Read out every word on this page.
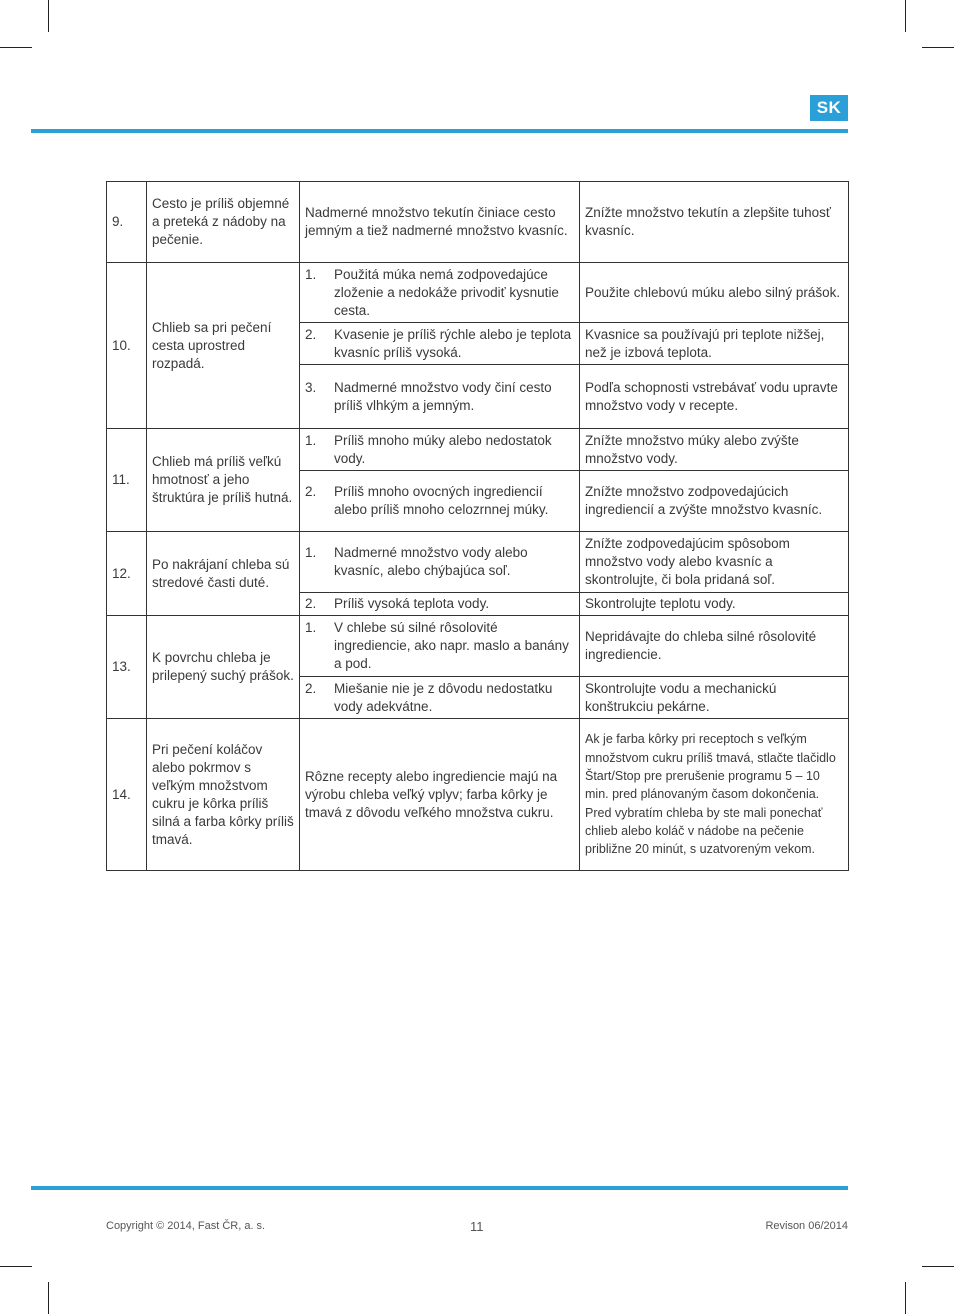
SK
9.	Cesto je príliš objemné a preteká z nádoby na pečenie.	Nadmerné množstvo tekutín činiace cesto jemným a tiež nadmerné množstvo kvasníc.	Znížte množstvo tekutín a zlepšite tuhosť kvasníc.
10.	Chlieb sa pri pečení cesta uprostred rozpadá.	1. Použitá múka nemá zodpovedajúce zloženie a nedokáže privodiť kysnutie cesta.	Použite chlebovú múku alebo silný prášok.
		2. Kvasenie je príliš rýchle alebo je teplota kvasníc príliš vysoká.	Kvasnice sa používajú pri teplote nižšej, než je izbová teplota.
		3. Nadmerné množstvo vody činí cesto príliš vlhkým a jemným.	Podľa schopnosti vstrebávať vodu upravte množstvo vody v recepte.
11.	Chlieb má príliš veľkú hmotnosť a jeho štruktúra je príliš hutná.	1. Príliš mnoho múky alebo nedostatok vody.	Znížte množstvo múky alebo zvýšte množstvo vody.
		2. Príliš mnoho ovocných ingrediencií alebo príliš mnoho celozrnnej múky.	Znížte množstvo zodpovedajúcich ingrediencií a zvýšte množstvo kvasníc.
12.	Po nakrájaní chleba sú stredové časti duté.	1. Nadmerné množstvo vody alebo kvasníc, alebo chýbajúca soľ.	Znížte zodpovedajúcim spôsobom množstvo vody alebo kvasníc a skontrolujte, či bola pridaná soľ.
		2. Príliš vysoká teplota vody.	Skontrolujte teplotu vody.
13.	K povrchu chleba je prilepený suchý prášok.	1. V chlebe sú silné rôsolovité ingrediencie, ako napr. maslo a banány a pod.	Nepridávajte do chleba silné rôsolovité ingrediencie.
		2. Miešanie nie je z dôvodu nedostatku vody adekvátne.	Skontrolujte vodu a mechanickú konštrukciu pekárne.
14.	Pri pečení koláčov alebo pokrmov s veľkým množstvom cukru je kôrka príliš silná a farba kôrky príliš tmavá.	Rôzne recepty alebo ingrediencie majú na výrobu chleba veľký vplyv; farba kôrky je tmavá z dôvodu veľkého množstva cukru.	Ak je farba kôrky pri receptoch s veľkým množstvom cukru príliš tmavá, stlačte tlačidlo Štart/Stop pre prerušenie programu 5 – 10 min. pred plánovaným časom dokončenia. Pred vybratím chleba by ste mali ponechať chlieb alebo koláč v nádobe na pečenie približne 20 minút, s uzatvoreným vekom.
Copyright © 2014, Fast ČR, a. s.	11	Revison 06/2014
